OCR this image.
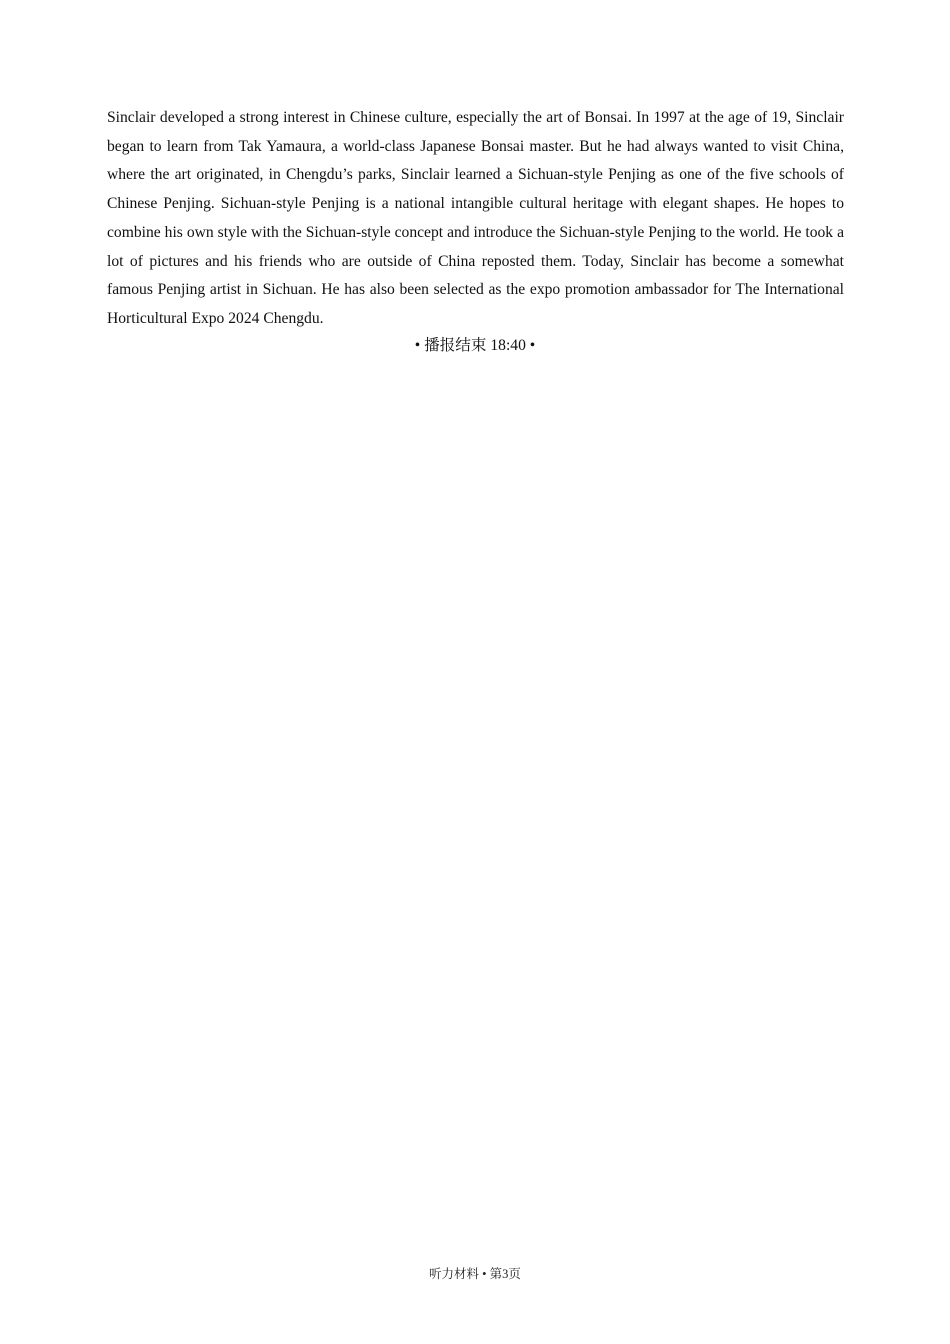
Sinclair developed a strong interest in Chinese culture, especially the art of Bonsai. In 1997 at the age of 19, Sinclair began to learn from Tak Yamaura, a world-class Japanese Bonsai master. But he had always wanted to visit China, where the art originated, in Chengdu’s parks, Sinclair learned a Sichuan-style Penjing as one of the five schools of Chinese Penjing. Sichuan-style Penjing is a national intangible cultural heritage with elegant shapes. He hopes to combine his own style with the Sichuan-style concept and introduce the Sichuan-style Penjing to the world. He took a lot of pictures and his friends who are outside of China reposted them. Today, Sinclair has become a somewhat famous Penjing artist in Sichuan. He has also been selected as the expo promotion ambassador for The International Horticultural Expo 2024 Chengdu.

• 播报结束 18:40 •

听力材料 • 第3页
